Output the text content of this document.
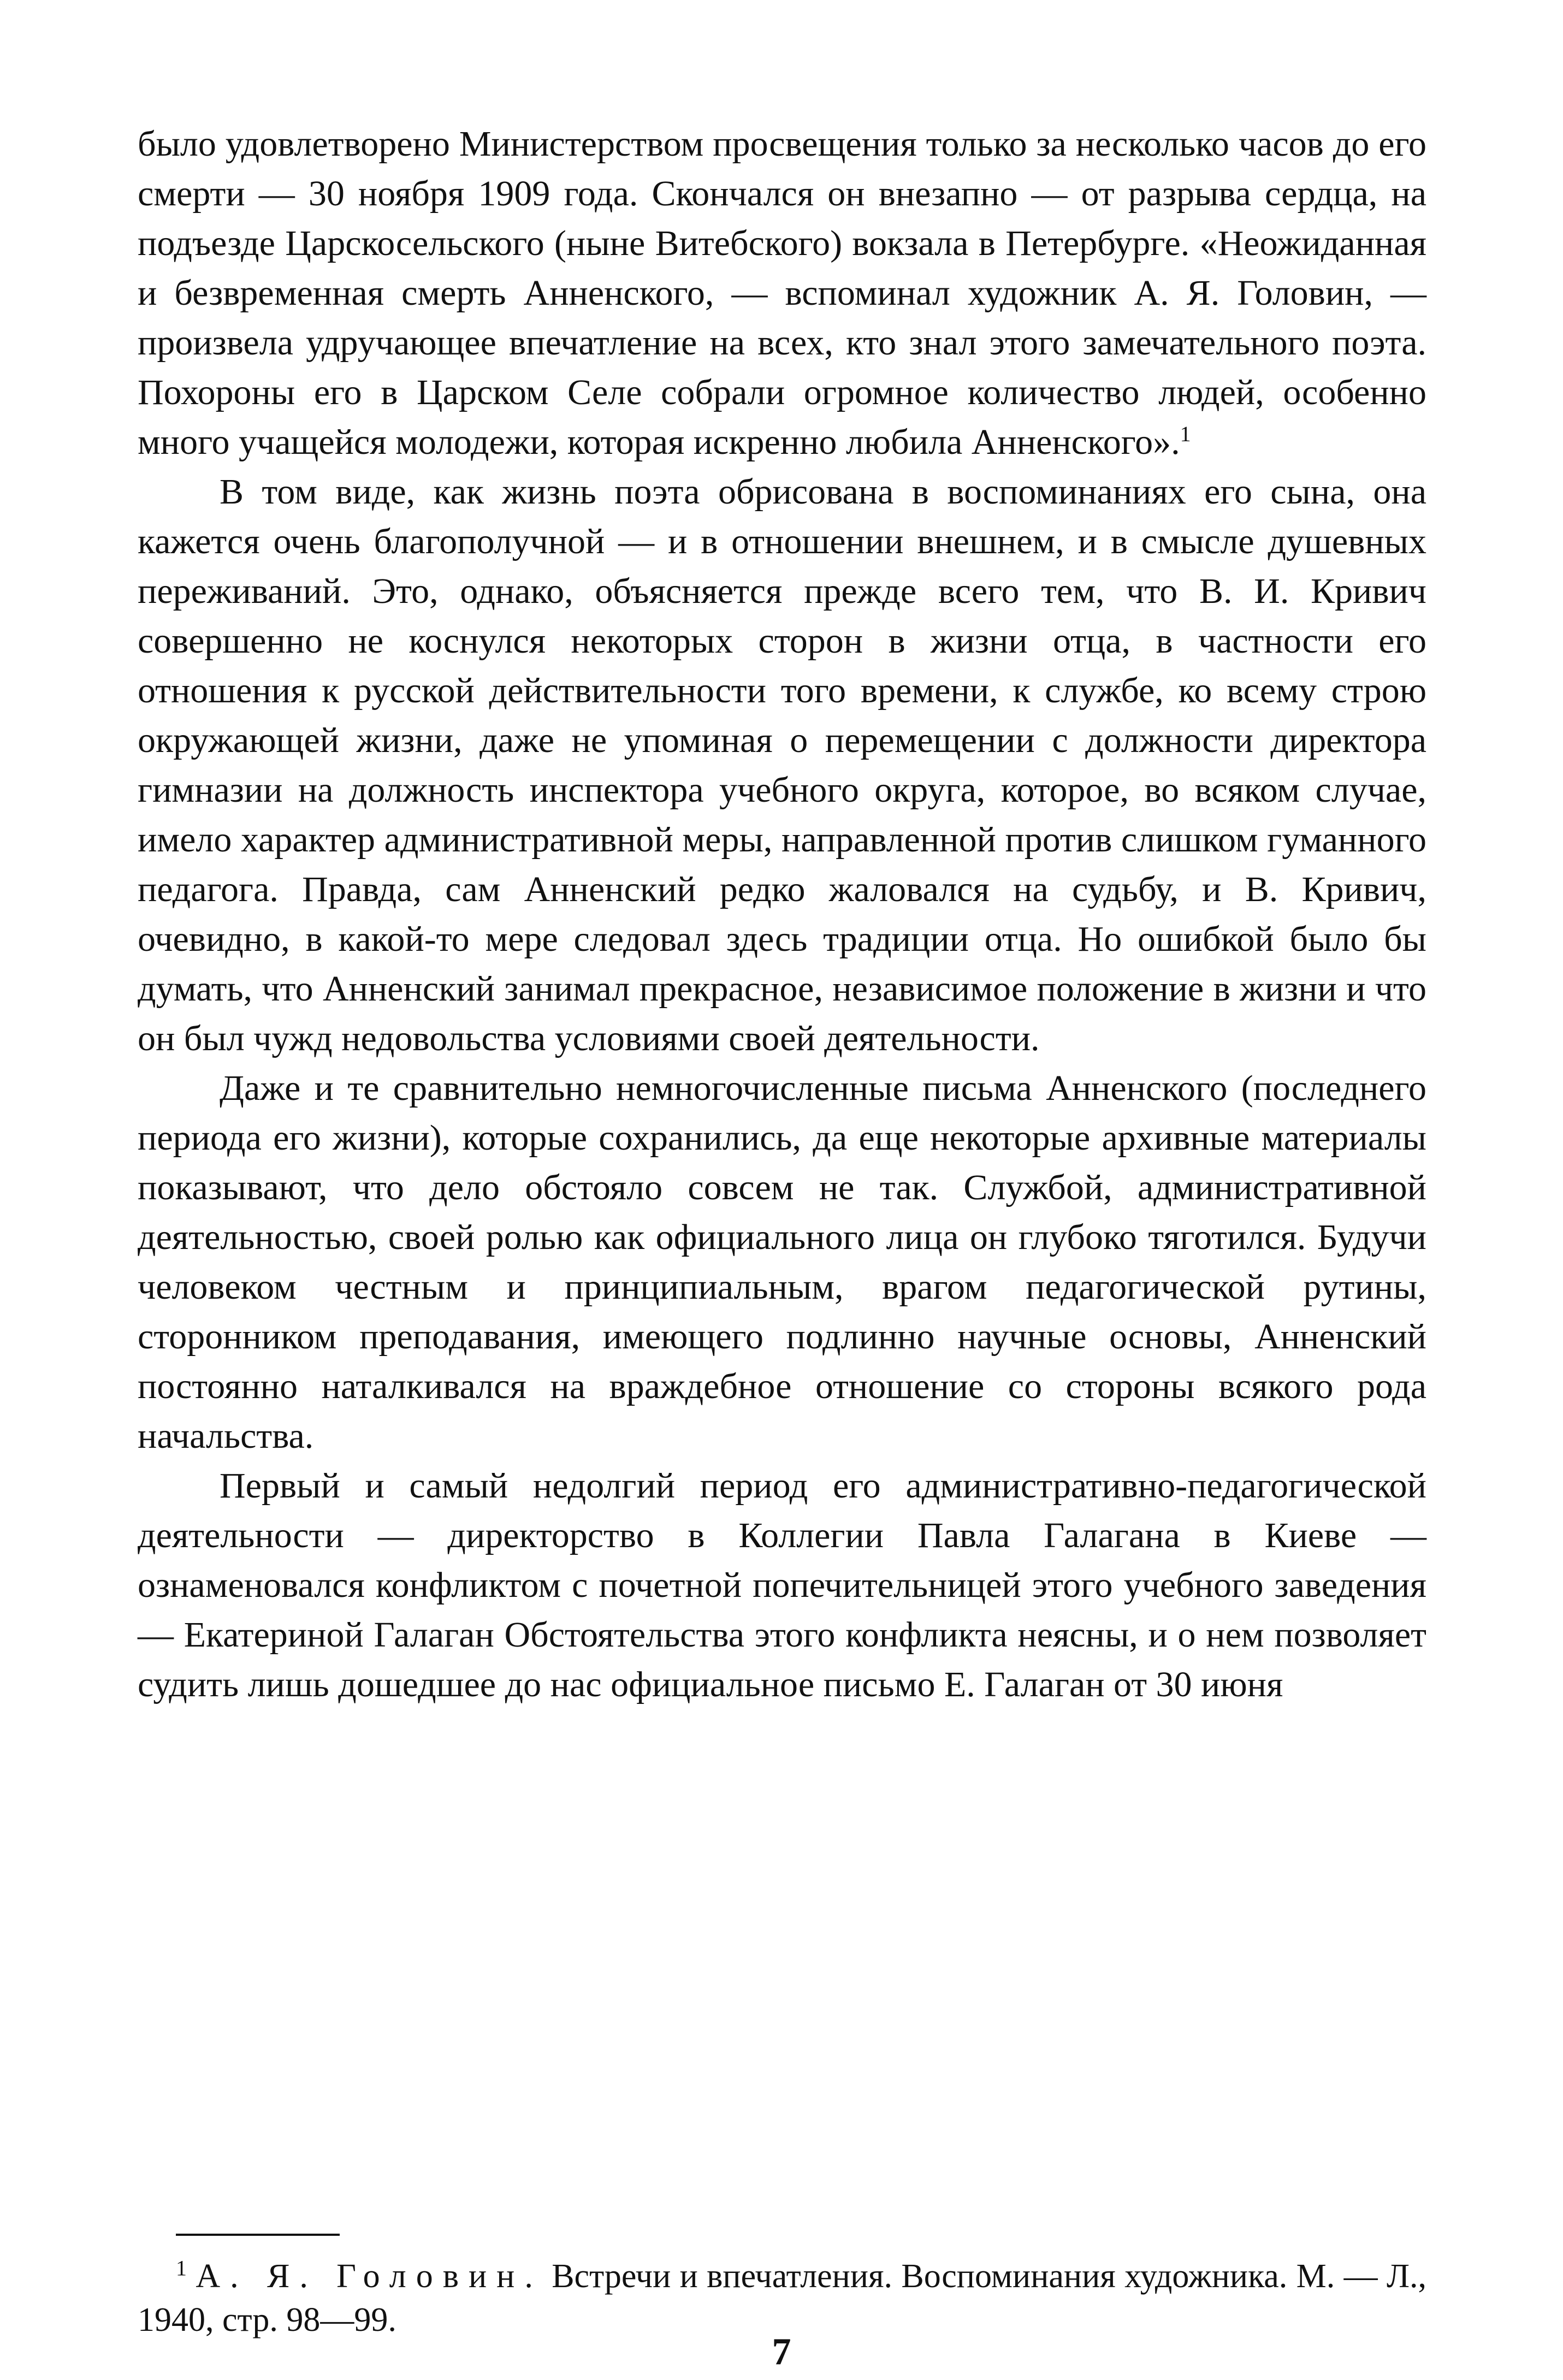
было удовлетворено Министерством просвещения только за несколько часов до его смерти — 30 ноября 1909 года. Скончался он внезапно — от разрыва сердца, на подъезде Царскосельского (ныне Витебского) вокзала в Петербурге. «Неожиданная и безвременная смерть Анненского, — вспоминал художник А. Я. Головин, — произвела удручающее впечатление на всех, кто знал этого замечательного поэта. Похороны его в Царском Селе собрали огромное количество людей, особенно много учащейся молодежи, которая искренно любила Анненского».$^1$

В том виде, как жизнь поэта обрисована в воспоминаниях его сына, она кажется очень благополучной — и в отношении внешнем, и в смысле душевных переживаний. Это, однако, объясняется прежде всего тем, что В. И. Кривич совершенно не коснулся некоторых сторон в жизни отца, в частности его отношения к русской действительности того времени, к службе, ко всему строю окружающей жизни, даже не упоминая о перемещении с должности директора гимназии на должность инспектора учебного округа, которое, во всяком случае, имело характер административной меры, направленной против слишком гуманного педагога. Правда, сам Анненский редко жаловался на судьбу, и В. Кривич, очевидно, в какой-то мере следовал здесь традиции отца. Но ошибкой было бы думать, что Анненский занимал прекрасное, независимое положение в жизни и что он был чужд недовольства условиями своей деятельности.

Даже и те сравнительно немногочисленные письма Анненского (последнего периода его жизни), которые сохранились, да еще некоторые архивные материалы показывают, что дело обстояло совсем не так. Службой, административной деятельностью, своей ролью как официального лица он глубоко тяготился. Будучи человеком честным и принципиальным, врагом педагогической рутины, сторонником преподавания, имеющего подлинно научные основы, Анненский постоянно наталкивался на враждебное отношение со стороны всякого рода начальства.

Первый и самый недолгий период его административно-педагогической деятельности — директорство в Коллегии Павла Галагана в Киеве — ознаменовался конфликтом с почетной попечительницей этого учебного заведения — Екатериной Галаган Обстоятельства этого конфликта неясны, и о нем позволяет судить лишь дошедшее до нас официальное письмо Е. Галаган от 30 июня

$^1$ А. Я. Головин. Встречи и впечатления. Воспоминания художника. М. — Л., 1940, стр. 98—99.

7
